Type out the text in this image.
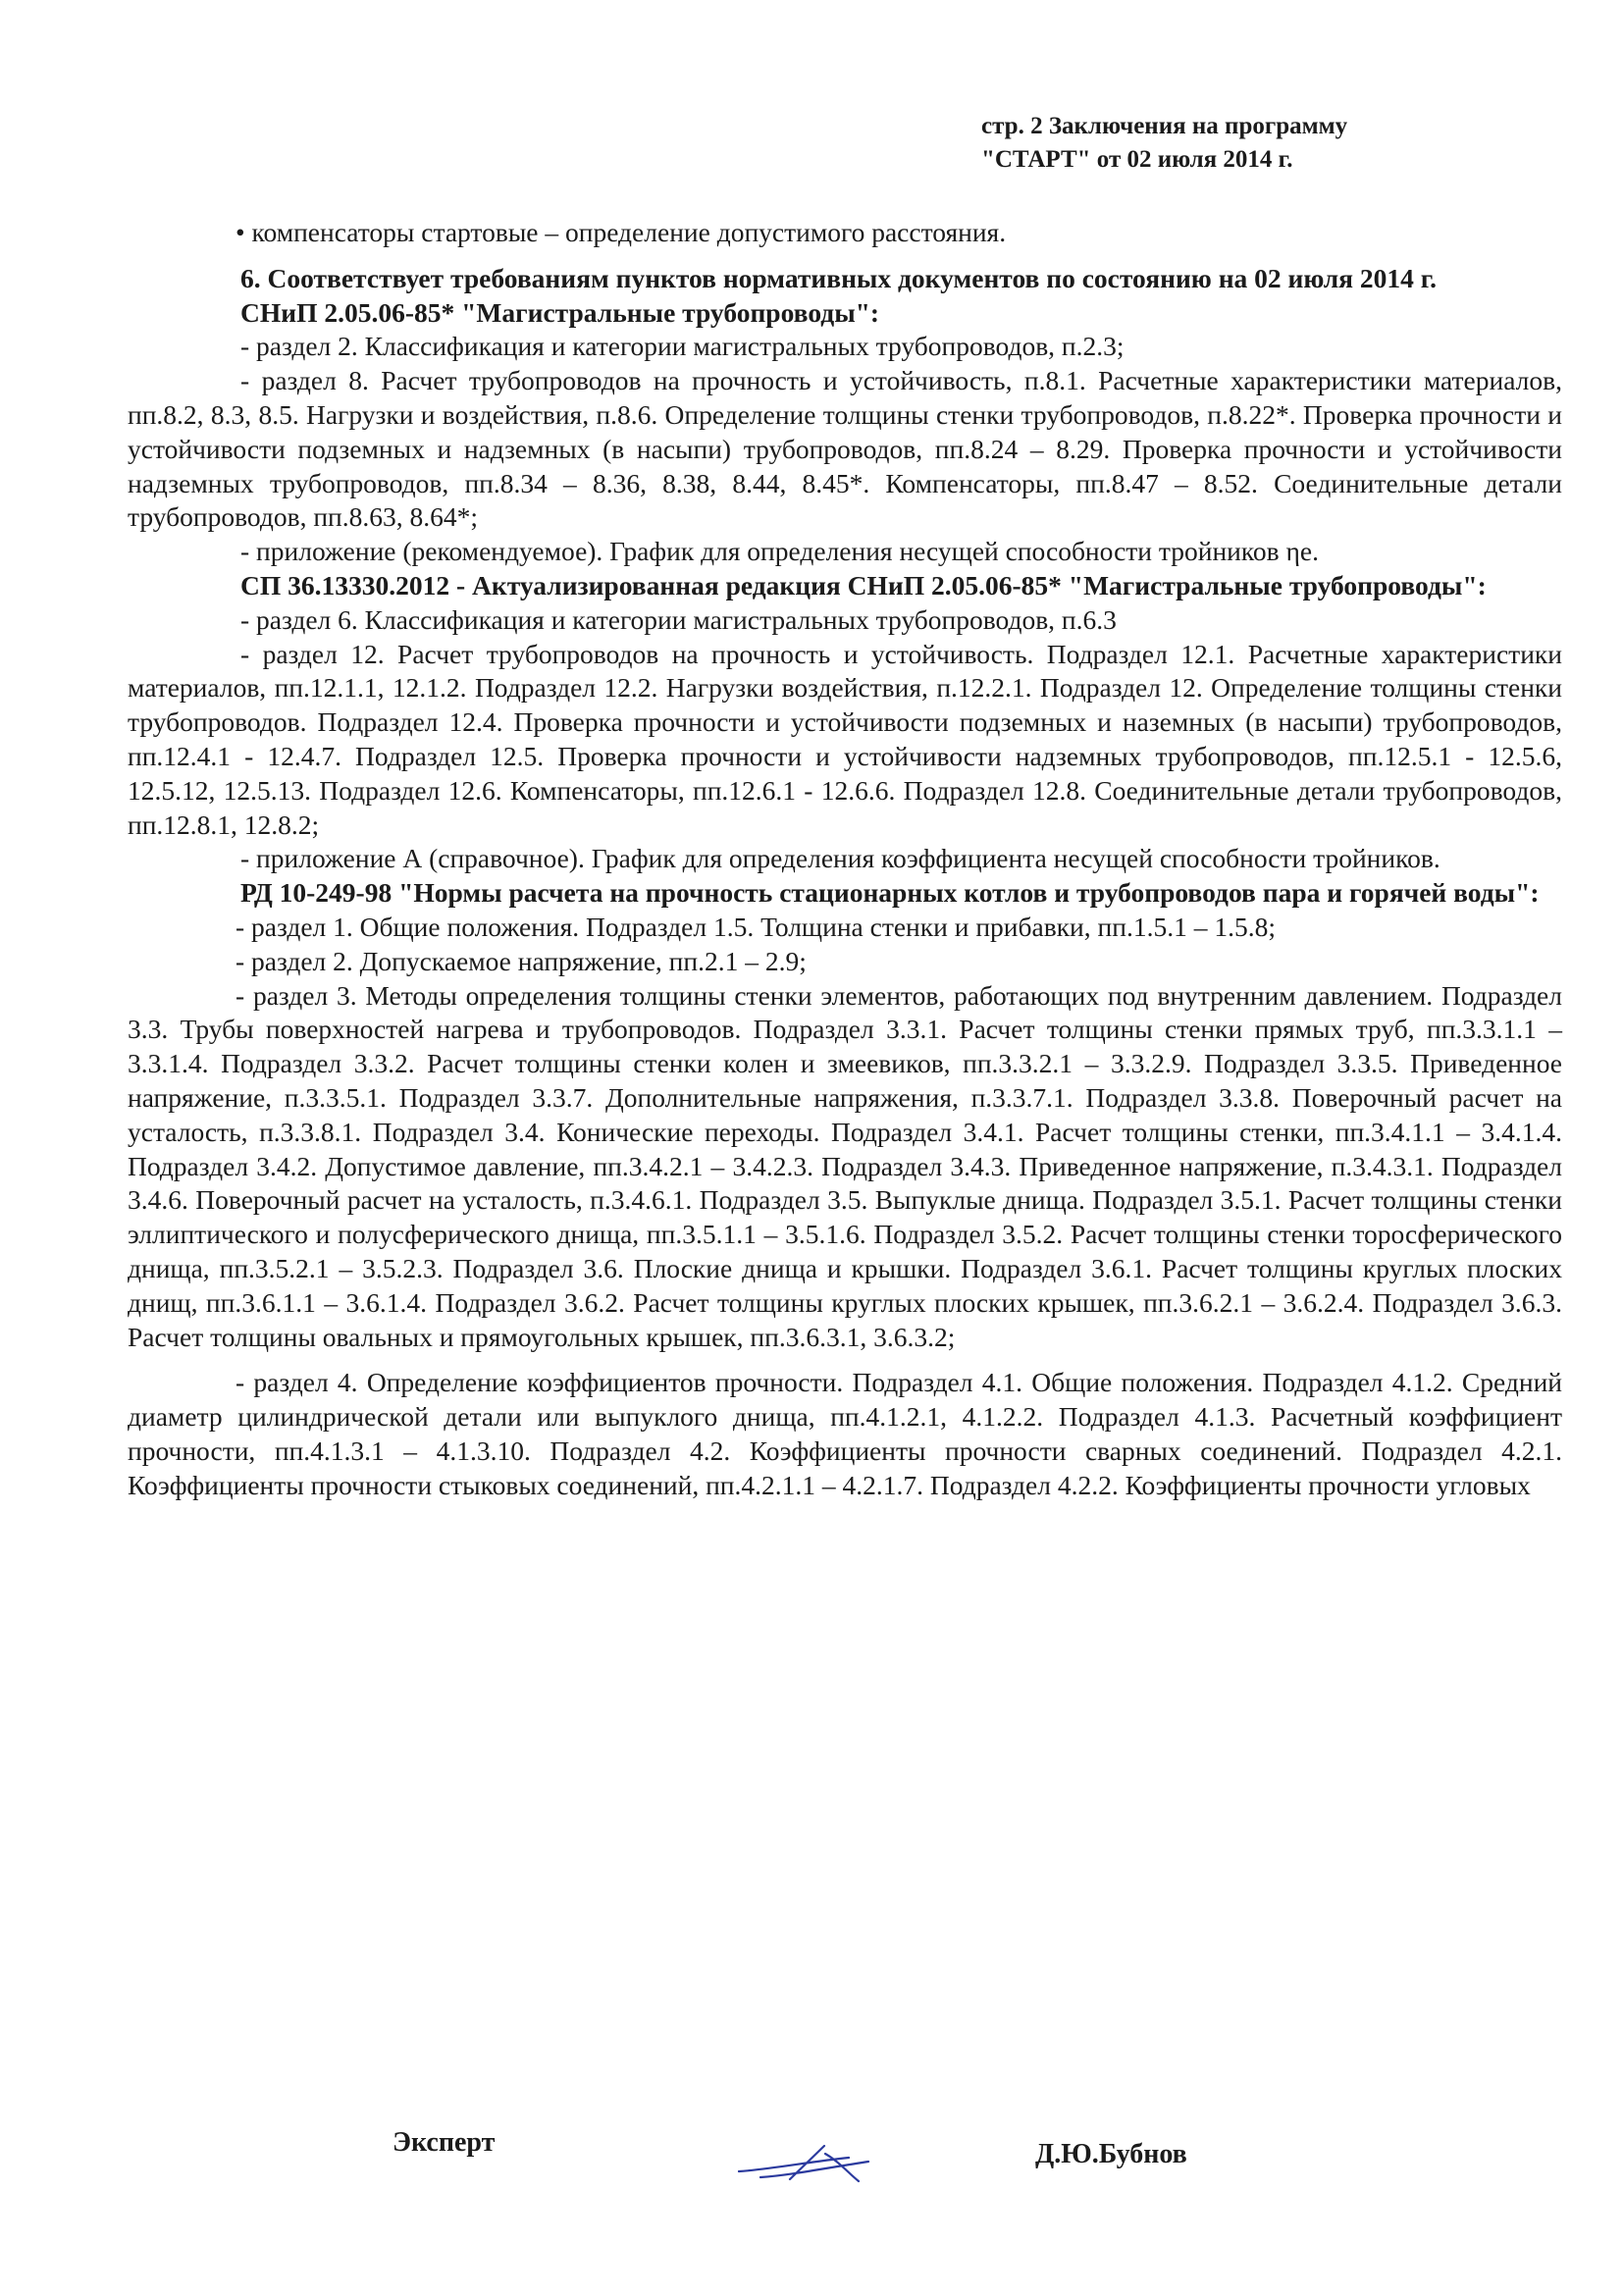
стр. 2 Заключения на программу
"СТАРТ" от 02 июля 2014 г.

• компенсаторы стартовые – определение допустимого расстояния.

6. Соответствует требованиям пунктов нормативных документов по состоянию на 02 июля 2014 г.

СНиП 2.05.06-85* "Магистральные трубопроводы":

- раздел 2. Классификация и категории магистральных трубопроводов, п.2.3;

- раздел 8. Расчет трубопроводов на прочность и устойчивость, п.8.1. Расчетные характеристики материалов, пп.8.2, 8.3, 8.5. Нагрузки и воздействия, п.8.6. Определение толщины стенки трубопроводов, п.8.22*. Проверка прочности и устойчивости подземных и надземных (в насыпи) трубопроводов, пп.8.24 – 8.29. Проверка прочности и устойчивости надземных трубопроводов, пп.8.34 – 8.36, 8.38, 8.44, 8.45*. Компенсаторы, пп.8.47 – 8.52. Соединительные детали трубопроводов, пп.8.63, 8.64*;

- приложение (рекомендуемое). График для определения несущей способности тройников ηе.

СП 36.13330.2012 - Актуализированная редакция СНиП 2.05.06-85* "Магистральные трубопроводы":

- раздел 6. Классификация и категории магистральных трубопроводов, п.6.3

- раздел 12. Расчет трубопроводов на прочность и устойчивость. Подраздел 12.1. Расчетные характеристики материалов, пп.12.1.1, 12.1.2. Подраздел 12.2. Нагрузки воздействия, п.12.2.1. Подраздел 12. Определение толщины стенки трубопроводов. Подраздел 12.4. Проверка прочности и устойчивости подземных и наземных (в насыпи) трубопроводов, пп.12.4.1 - 12.4.7. Подраздел 12.5. Проверка прочности и устойчивости надземных трубопроводов, пп.12.5.1 - 12.5.6, 12.5.12, 12.5.13. Подраздел 12.6. Компенсаторы, пп.12.6.1 - 12.6.6. Подраздел 12.8. Соединительные детали трубопроводов, пп.12.8.1, 12.8.2;

- приложение А (справочное). График для определения коэффициента несущей способности тройников.

РД 10-249-98 "Нормы расчета на прочность стационарных котлов и трубопроводов пара и горячей воды":

- раздел 1. Общие положения. Подраздел 1.5. Толщина стенки и прибавки, пп.1.5.1 – 1.5.8;

- раздел 2. Допускаемое напряжение, пп.2.1 – 2.9;

- раздел 3. Методы определения толщины стенки элементов, работающих под внутренним давлением. Подраздел 3.3. Трубы поверхностей нагрева и трубопроводов. Подраздел 3.3.1. Расчет толщины стенки прямых труб, пп.3.3.1.1 – 3.3.1.4. Подраздел 3.3.2. Расчет толщины стенки колен и змеевиков, пп.3.3.2.1 – 3.3.2.9. Подраздел 3.3.5. Приведенное напряжение, п.3.3.5.1. Подраздел 3.3.7. Дополнительные напряжения, п.3.3.7.1. Подраздел 3.3.8. Поверочный расчет на усталость, п.3.3.8.1. Подраздел 3.4. Конические переходы. Подраздел 3.4.1. Расчет толщины стенки, пп.3.4.1.1 – 3.4.1.4. Подраздел 3.4.2. Допустимое давление, пп.3.4.2.1 – 3.4.2.3. Подраздел 3.4.3. Приведенное напряжение, п.3.4.3.1. Подраздел 3.4.6. Поверочный расчет на усталость, п.3.4.6.1. Подраздел 3.5. Выпуклые днища. Подраздел 3.5.1. Расчет толщины стенки эллиптического и полусферического днища, пп.3.5.1.1 – 3.5.1.6. Подраздел 3.5.2. Расчет толщины стенки торосферического днища, пп.3.5.2.1 – 3.5.2.3. Подраздел 3.6. Плоские днища и крышки. Подраздел 3.6.1. Расчет толщины круглых плоских днищ, пп.3.6.1.1 – 3.6.1.4. Подраздел 3.6.2. Расчет толщины круглых плоских крышек, пп.3.6.2.1 – 3.6.2.4. Подраздел 3.6.3. Расчет толщины овальных и прямоугольных крышек, пп.3.6.3.1, 3.6.3.2;

- раздел 4. Определение коэффициентов прочности. Подраздел 4.1. Общие положения. Подраздел 4.1.2. Средний диаметр цилиндрической детали или выпуклого днища, пп.4.1.2.1, 4.1.2.2. Подраздел 4.1.3. Расчетный коэффициент прочности, пп.4.1.3.1 – 4.1.3.10. Подраздел 4.2. Коэффициенты прочности сварных соединений. Подраздел 4.2.1. Коэффициенты прочности стыковых соединений, пп.4.2.1.1 – 4.2.1.7. Подраздел 4.2.2. Коэффициенты прочности угловых

Эксперт	Д.Ю.Бубнов
